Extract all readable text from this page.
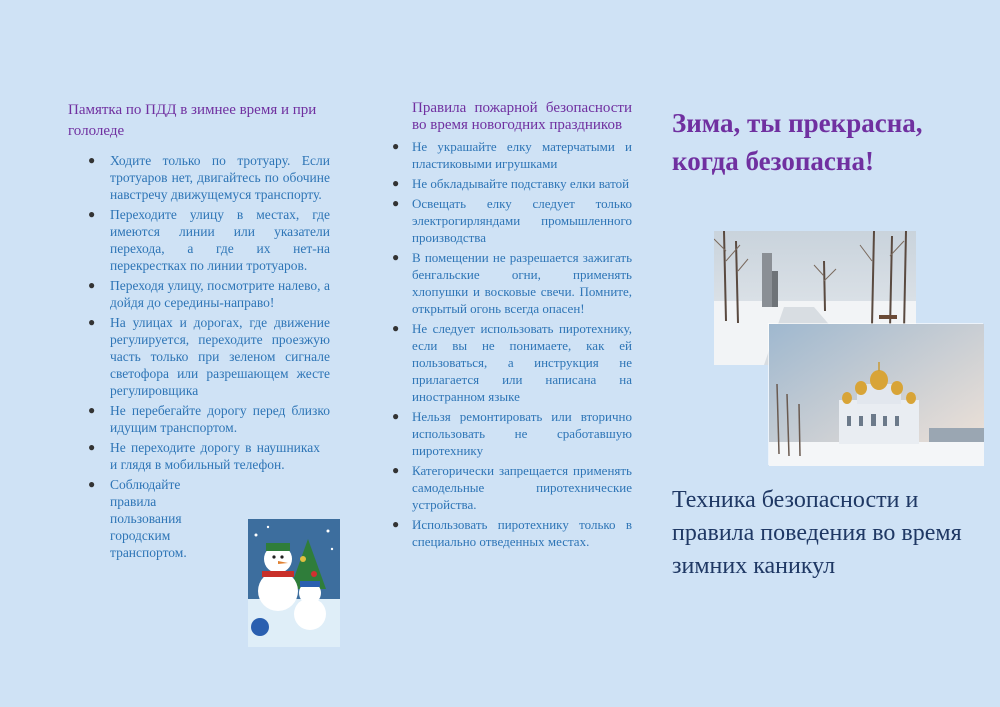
Памятка по ПДД в зимнее время и при гололеде

● Ходите только по тротуару. Если тротуаров нет, двигайтесь по обочине навстречу движущемуся транспорту.
● Переходите улицу в местах, где имеются линии или указатели перехода, а где их нет-на перекрестках по линии тротуаров.
● Переходя улицу, посмотрите налево, а дойдя до середины-направо!
● На улицах и дорогах, где движение регулируется, переходите проезжую часть только при зеленом сигнале светофора или разрешающем жесте регулировщика
● Не перебегайте дорогу перед близко идущим транспортом.
● Не переходите дорогу в наушниках и глядя в мобильный телефон.
● Соблюдайте правила пользования городским транспортом.

Правила пожарной безопасности во время новогодних праздников

● Не украшайте елку матерчатыми и пластиковыми игрушками
● Не обкладывайте подставку елки ватой
● Освещать елку следует только электрогирляндами промышленного производства
● В помещении не разрешается зажигать бенгальские огни, применять хлопушки и восковые свечи. Помните, открытый огонь всегда опасен!
● Не следует использовать пиротехнику, если вы не понимаете, как ей пользоваться, а инструкция не прилагается или написана на иностранном языке
● Нельзя ремонтировать или вторично использовать не сработавшую пиротехнику
● Категорически запрещается применять самодельные пиротехнические устройства.
● Использовать пиротехнику только в специально отведенных местах.
Зима, ты прекрасна, когда безопасна!
Техника безопасности и правила поведения во время зимних каникул
